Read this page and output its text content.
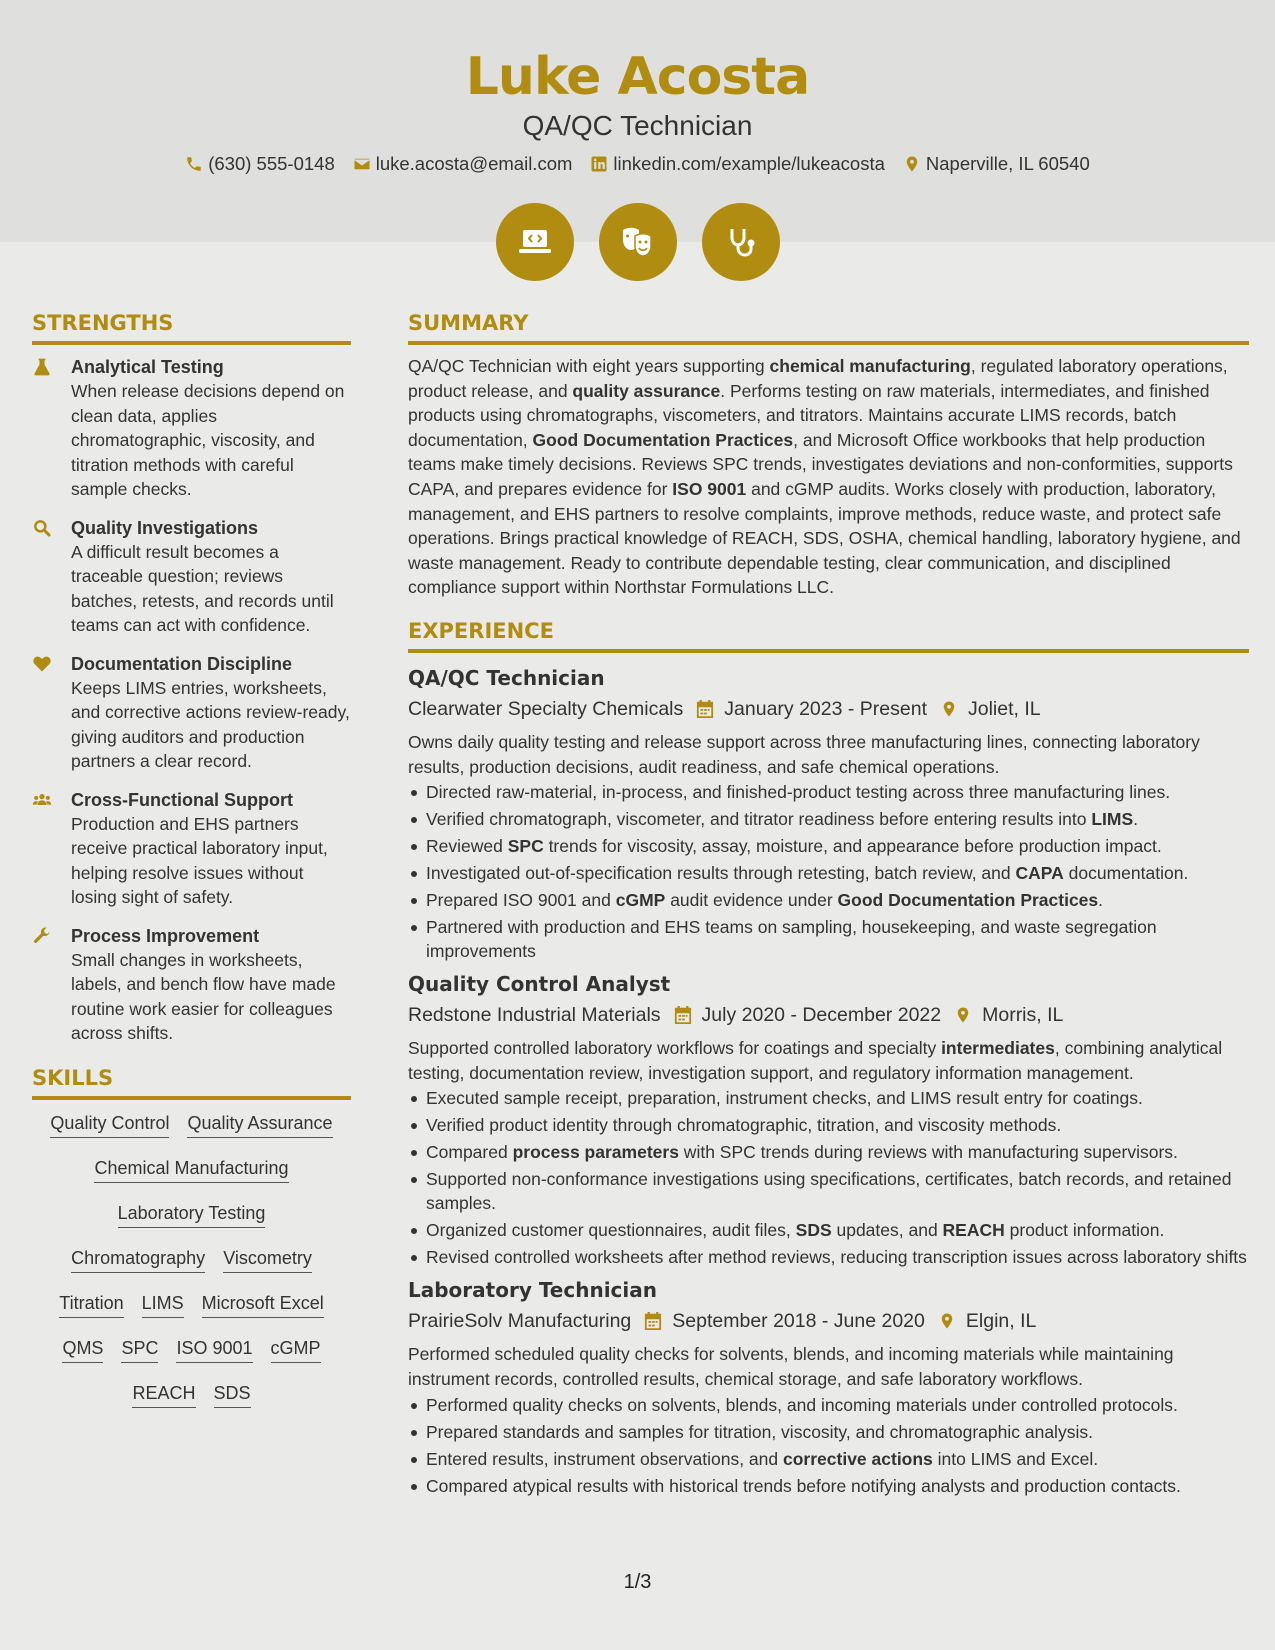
Luke Acosta
QA/QC Technician
(630) 555-0148 luke.acosta@email.com linkedin.com/example/lukeacosta Naperville, IL 60540
STRENGTHS
Analytical Testing
When release decisions depend on clean data, applies chromatographic, viscosity, and titration methods with careful sample checks.
Quality Investigations
A difficult result becomes a traceable question; reviews batches, retests, and records until teams can act with confidence.
Documentation Discipline
Keeps LIMS entries, worksheets, and corrective actions review-ready, giving auditors and production partners a clear record.
Cross-Functional Support
Production and EHS partners receive practical laboratory input, helping resolve issues without losing sight of safety.
Process Improvement
Small changes in worksheets, labels, and bench flow have made routine work easier for colleagues across shifts.
SKILLS
Quality Control Quality Assurance
Chemical Manufacturing
Laboratory Testing
Chromatography Viscometry
Titration LIMS Microsoft Excel
QMS SPC ISO 9001 cGMP
REACH SDS
SUMMARY
QA/QC Technician with eight years supporting chemical manufacturing, regulated laboratory operations, product release, and quality assurance. Performs testing on raw materials, intermediates, and finished products using chromatographs, viscometers, and titrators. Maintains accurate LIMS records, batch documentation, Good Documentation Practices, and Microsoft Office workbooks that help production teams make timely decisions. Reviews SPC trends, investigates deviations and non-conformities, supports CAPA, and prepares evidence for ISO 9001 and cGMP audits. Works closely with production, laboratory, management, and EHS partners to resolve complaints, improve methods, reduce waste, and protect safe operations. Brings practical knowledge of REACH, SDS, OSHA, chemical handling, laboratory hygiene, and waste management. Ready to contribute dependable testing, clear communication, and disciplined compliance support within Northstar Formulations LLC.
EXPERIENCE
QA/QC Technician
Clearwater Specialty Chemicals January 2023 - Present Joliet, IL
Owns daily quality testing and release support across three manufacturing lines, connecting laboratory results, production decisions, audit readiness, and safe chemical operations.
Directed raw-material, in-process, and finished-product testing across three manufacturing lines.
Verified chromatograph, viscometer, and titrator readiness before entering results into LIMS.
Reviewed SPC trends for viscosity, assay, moisture, and appearance before production impact.
Investigated out-of-specification results through retesting, batch review, and CAPA documentation.
Prepared ISO 9001 and cGMP audit evidence under Good Documentation Practices.
Partnered with production and EHS teams on sampling, housekeeping, and waste segregation improvements
Quality Control Analyst
Redstone Industrial Materials July 2020 - December 2022 Morris, IL
Supported controlled laboratory workflows for coatings and specialty intermediates, combining analytical testing, documentation review, investigation support, and regulatory information management.
Executed sample receipt, preparation, instrument checks, and LIMS result entry for coatings.
Verified product identity through chromatographic, titration, and viscosity methods.
Compared process parameters with SPC trends during reviews with manufacturing supervisors.
Supported non-conformance investigations using specifications, certificates, batch records, and retained samples.
Organized customer questionnaires, audit files, SDS updates, and REACH product information.
Revised controlled worksheets after method reviews, reducing transcription issues across laboratory shifts
Laboratory Technician
PrairieSolv Manufacturing September 2018 - June 2020 Elgin, IL
Performed scheduled quality checks for solvents, blends, and incoming materials while maintaining instrument records, controlled results, chemical storage, and safe laboratory workflows.
Performed quality checks on solvents, blends, and incoming materials under controlled protocols.
Prepared standards and samples for titration, viscosity, and chromatographic analysis.
Entered results, instrument observations, and corrective actions into LIMS and Excel.
Compared atypical results with historical trends before notifying analysts and production contacts.
1/3
